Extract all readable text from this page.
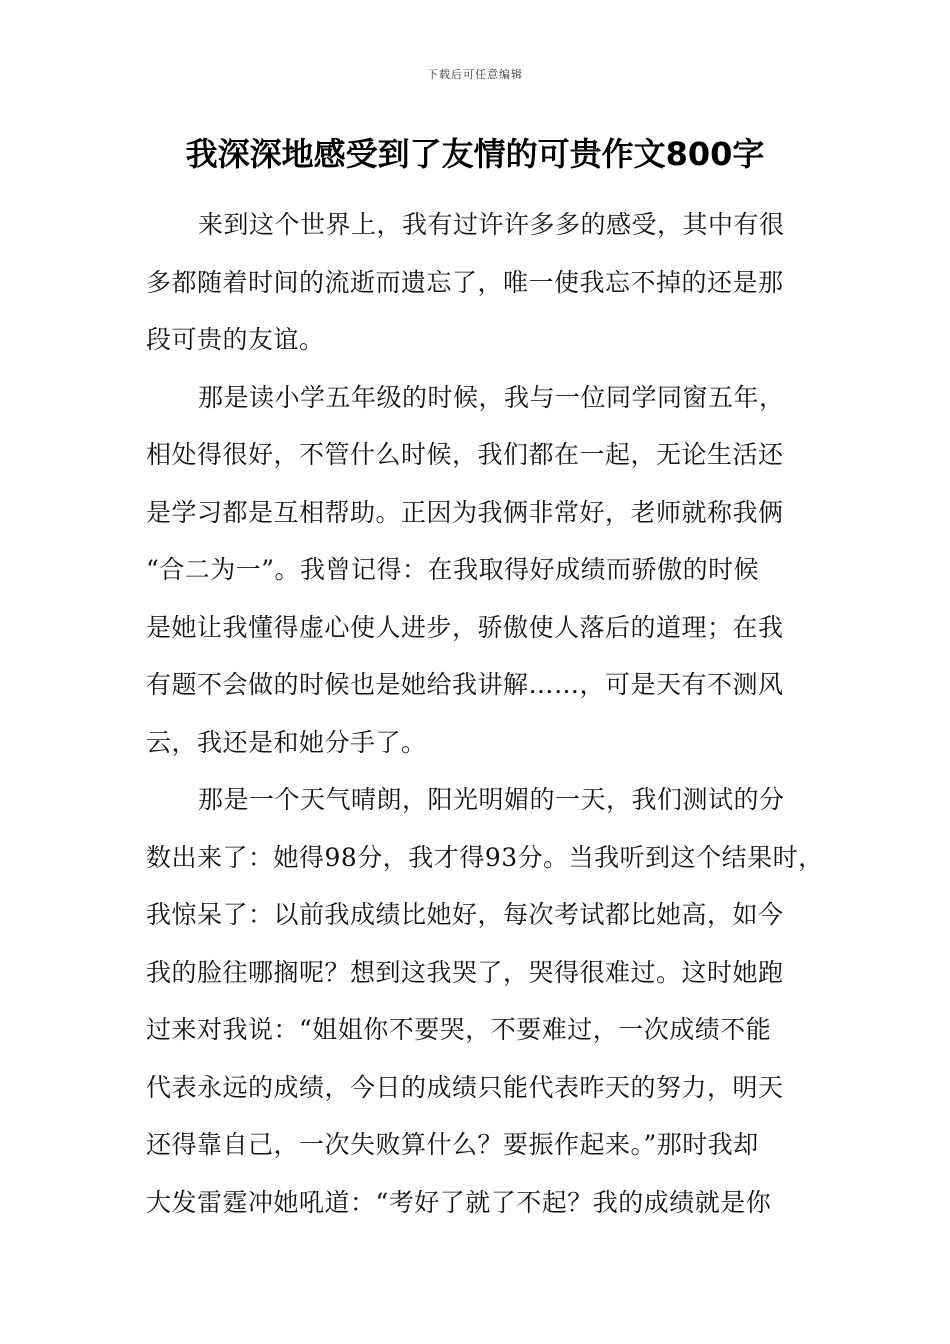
下载后可任意编辑
我深深地感受到了友情的可贵作文800字

来到这个世界上，我有过许许多多的感受，其中有很
多都随着时间的流逝而遗忘了，唯一使我忘不掉的还是那
段可贵的友谊。

那是读小学五年级的时候，我与一位同学同窗五年，
相处得很好，不管什么时候，我们都在一起，无论生活还
是学习都是互相帮助。正因为我俩非常好，老师就称我俩
“合二为一”。我曾记得：在我取得好成绩而骄傲的时候
是她让我懂得虚心使人进步，骄傲使人落后的道理；在我
有题不会做的时候也是她给我讲解……，可是天有不测风
云，我还是和她分手了。

那是一个天气晴朗，阳光明媚的一天，我们测试的分
数出来了：她得98分，我才得93分。当我听到这个结果时，
我惊呆了：以前我成绩比她好，每次考试都比她高，如今
我的脸往哪搁呢？想到这我哭了，哭得很难过。这时她跑
过来对我说：“姐姐你不要哭，不要难过，一次成绩不能
代表永远的成绩，今日的成绩只能代表昨天的努力，明天
还得靠自己，一次失败算什么？要振作起来。”那时我却
大发雷霆冲她吼道：“考好了就了不起？我的成绩就是你
